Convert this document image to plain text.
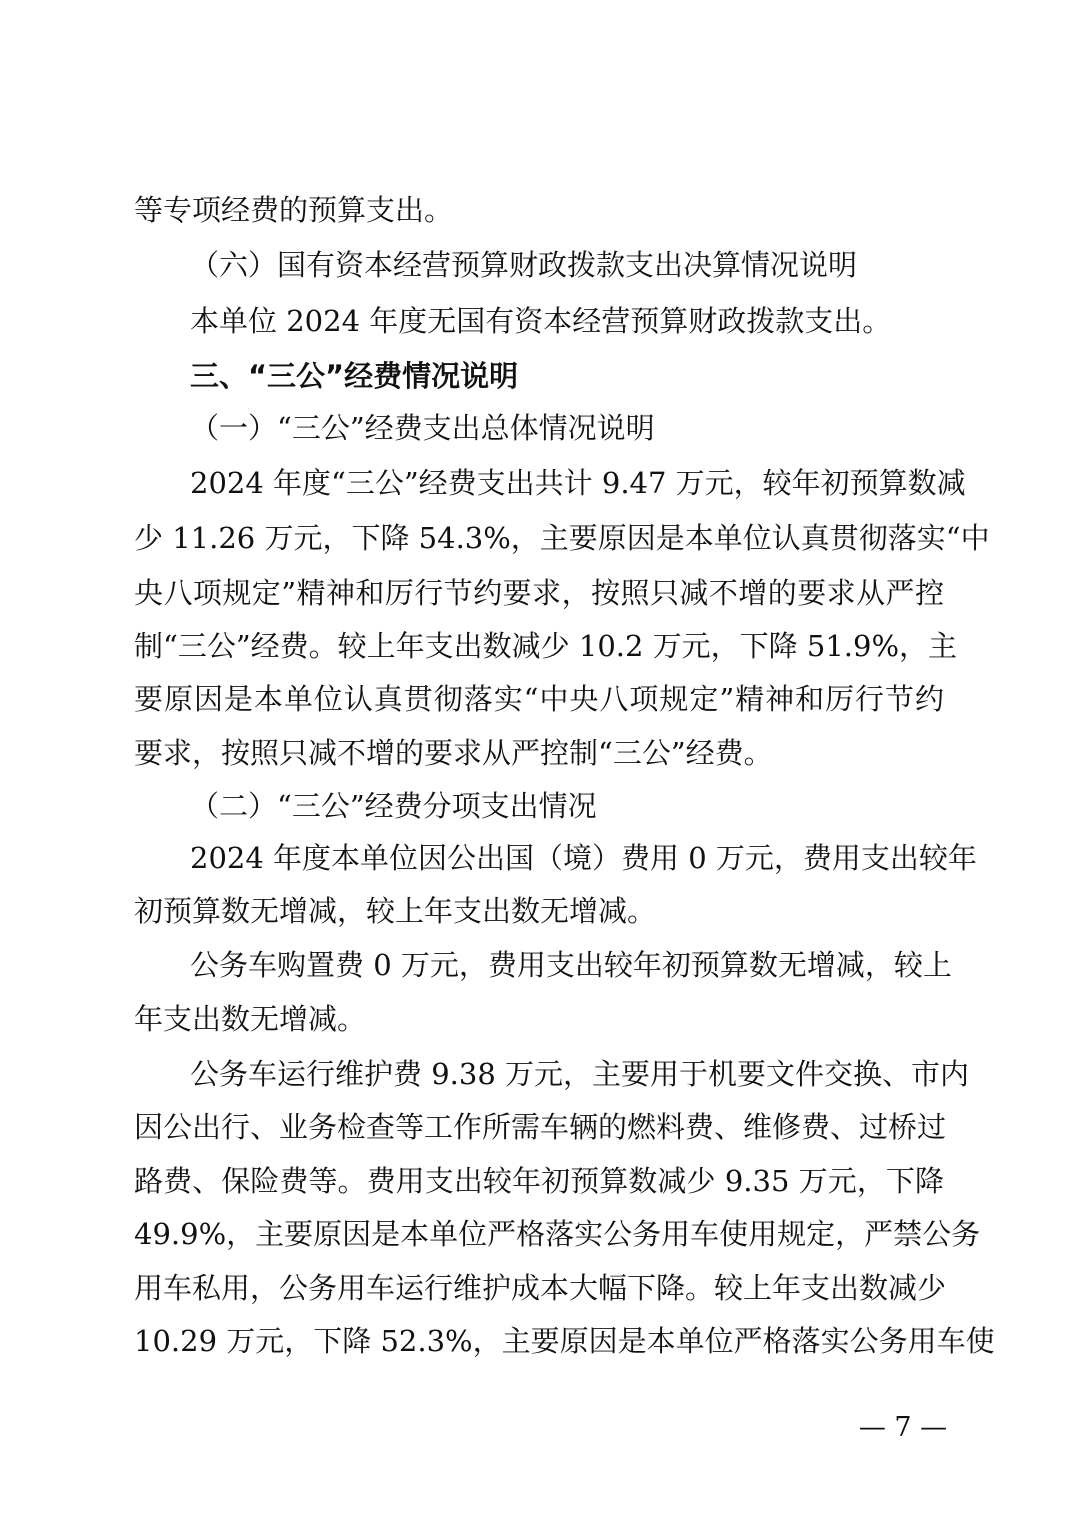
等专项经费的预算支出。
（六）国有资本经营预算财政拨款支出决算情况说明
本单位 2024 年度无国有资本经营预算财政拨款支出。
三、“三公”经费情况说明
（一）“三公”经费支出总体情况说明
2024 年度“三公”经费支出共计 9.47 万元，较年初预算数减
少 11.26 万元，下降 54.3%，主要原因是本单位认真贯彻落实“中
央八项规定”精神和厉行节约要求，按照只减不增的要求从严控
制“三公”经费。较上年支出数减少 10.2 万元，下降 51.9%，主
要原因是本单位认真贯彻落实“中央八项规定”精神和厉行节约
要求，按照只减不增的要求从严控制“三公”经费。
（二）“三公”经费分项支出情况
2024 年度本单位因公出国（境）费用 0 万元，费用支出较年
初预算数无增减，较上年支出数无增减。
公务车购置费 0 万元，费用支出较年初预算数无增减，较上
年支出数无增减。
公务车运行维护费 9.38 万元，主要用于机要文件交换、市内
因公出行、业务检查等工作所需车辆的燃料费、维修费、过桥过
路费、保险费等。费用支出较年初预算数减少 9.35 万元，下降
49.9%，主要原因是本单位严格落实公务用车使用规定，严禁公务
用车私用，公务用车运行维护成本大幅下降。较上年支出数减少
10.29 万元，下降 52.3%，主要原因是本单位严格落实公务用车使
— 7 —
